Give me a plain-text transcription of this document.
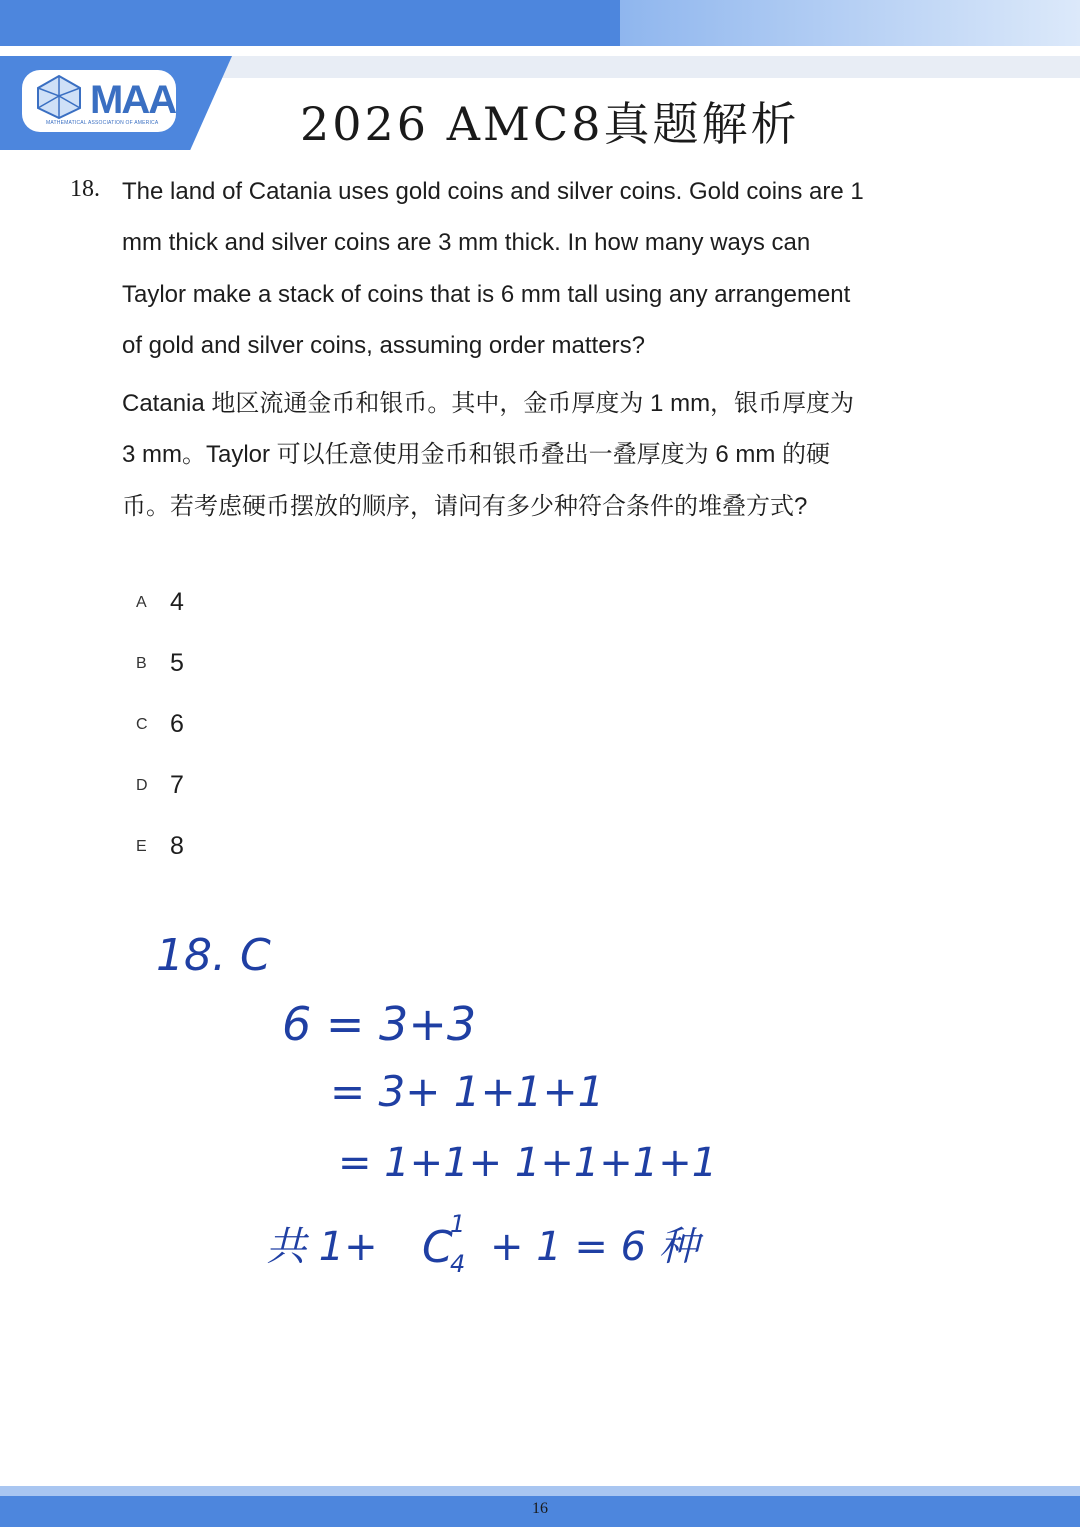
MAA
MATHEMATICAL ASSOCIATION OF AMERICA	2026 AMC8真题解析
18. The land of Catania uses gold coins and silver coins. Gold coins are 1
mm thick and silver coins are 3 mm thick. In how many ways can
Taylor make a stack of coins that is 6 mm tall using any arrangement
of gold and silver coins, assuming order matters?
Catania 地区流通金币和银币。其中，金币厚度为 1 mm，银币厚度为
3 mm。Taylor 可以任意使用金币和银币叠出一叠厚度为 6 mm 的硬
币。若考虑硬币摆放的顺序，请问有多少种符合条件的堆叠方式?
A 4
B 5
C 6
D 7
E 8
18. C
6 = 3+3
= 3+ 1+1+1
= 1+1+ 1+1+1+1
共 1+ C
1
4 + 1 = 6 种
16
